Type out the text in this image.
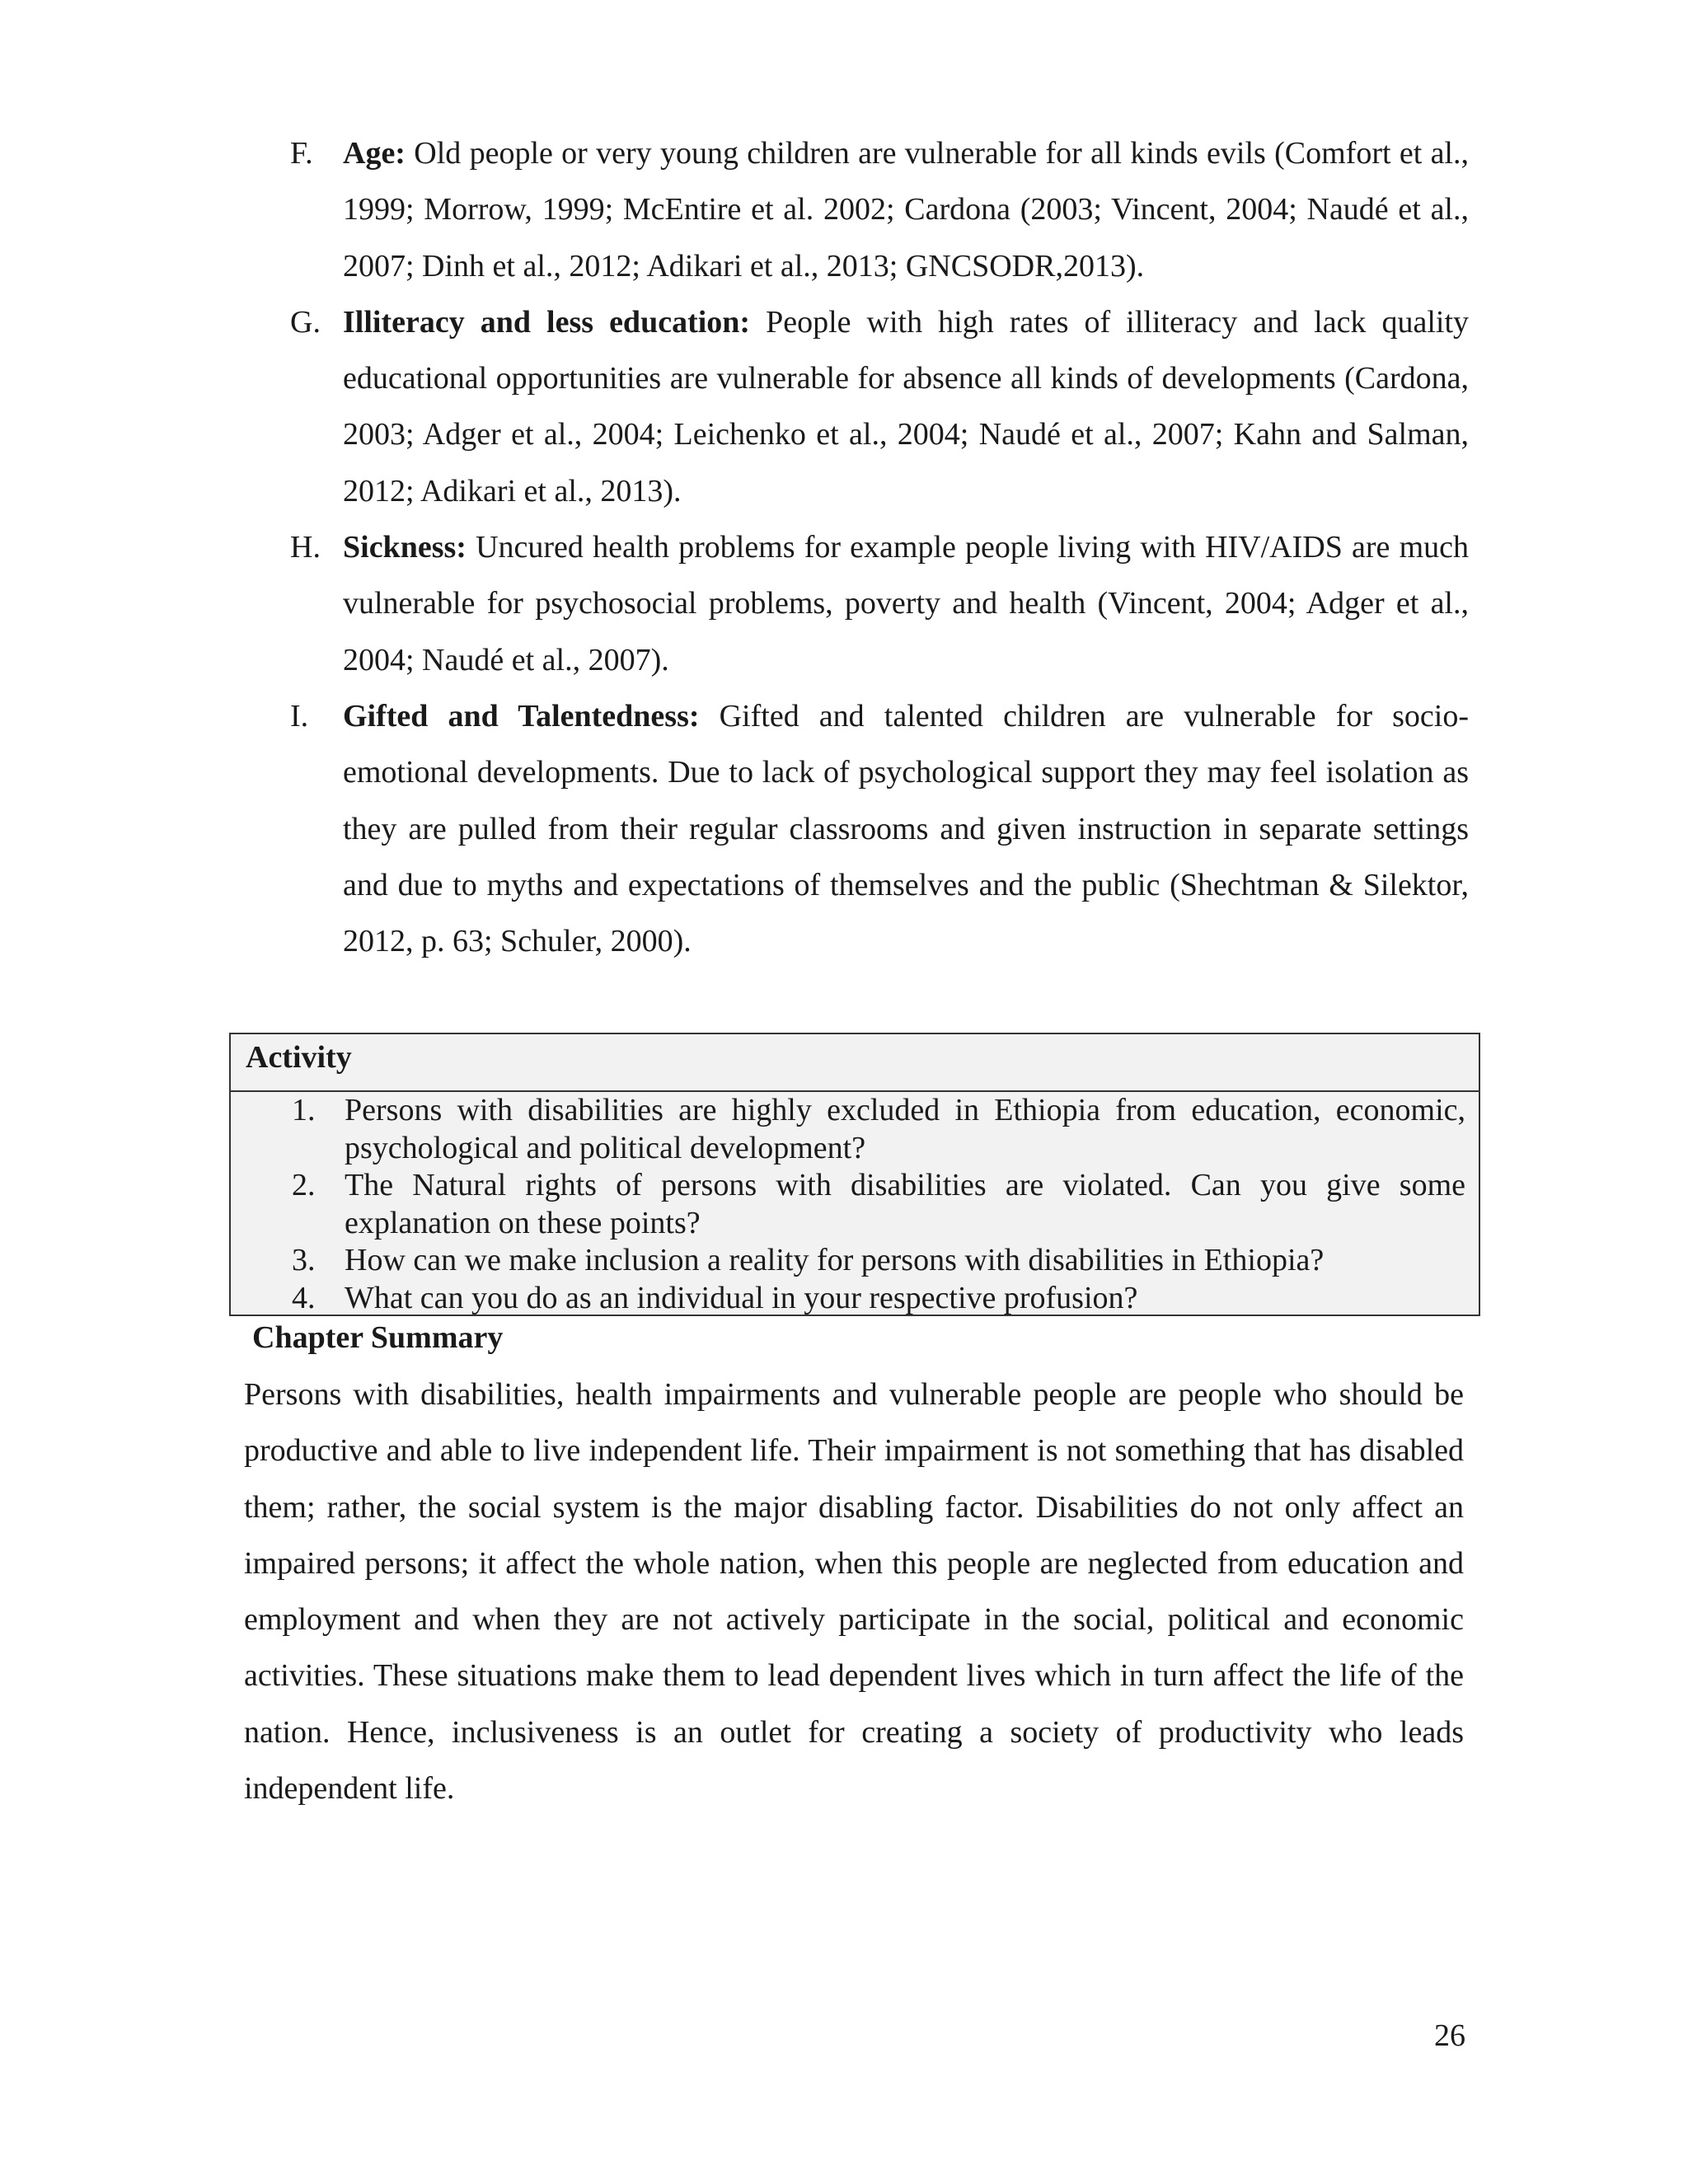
F. Age: Old people or very young children are vulnerable for all kinds evils (Comfort et al., 1999; Morrow, 1999; McEntire et al. 2002; Cardona (2003; Vincent, 2004; Naudé et al., 2007; Dinh et al., 2012; Adikari et al., 2013; GNCSODR,2013).
G. Illiteracy and less education: People with high rates of illiteracy and lack quality educational opportunities are vulnerable for absence all kinds of developments (Cardona, 2003; Adger et al., 2004; Leichenko et al., 2004; Naudé et al., 2007; Kahn and Salman, 2012; Adikari et al., 2013).
H. Sickness: Uncured health problems for example people living with HIV/AIDS are much vulnerable for psychosocial problems, poverty and health (Vincent, 2004; Adger et al., 2004; Naudé et al., 2007).
I. Gifted and Talentedness: Gifted and talented children are vulnerable for socio-emotional developments. Due to lack of psychological support they may feel isolation as they are pulled from their regular classrooms and given instruction in separate settings and due to myths and expectations of themselves and the public (Shechtman & Silektor, 2012, p. 63; Schuler, 2000).
Activity
1. Persons with disabilities are highly excluded in Ethiopia from education, economic, psychological and political development?
2. The Natural rights of persons with disabilities are violated. Can you give some explanation on these points?
3. How can we make inclusion a reality for persons with disabilities in Ethiopia?
4. What can you do as an individual in your respective profusion?
Chapter Summary

Persons with disabilities, health impairments and vulnerable people are people who should be productive and able to live independent life. Their impairment is not something that has disabled them; rather, the social system is the major disabling factor. Disabilities do not only affect an impaired persons; it affect the whole nation, when this people are neglected from education and employment and when they are not actively participate in the social, political and economic activities. These situations make them to lead dependent lives which in turn affect the life of the nation. Hence, inclusiveness is an outlet for creating a society of productivity who leads independent life.

26
